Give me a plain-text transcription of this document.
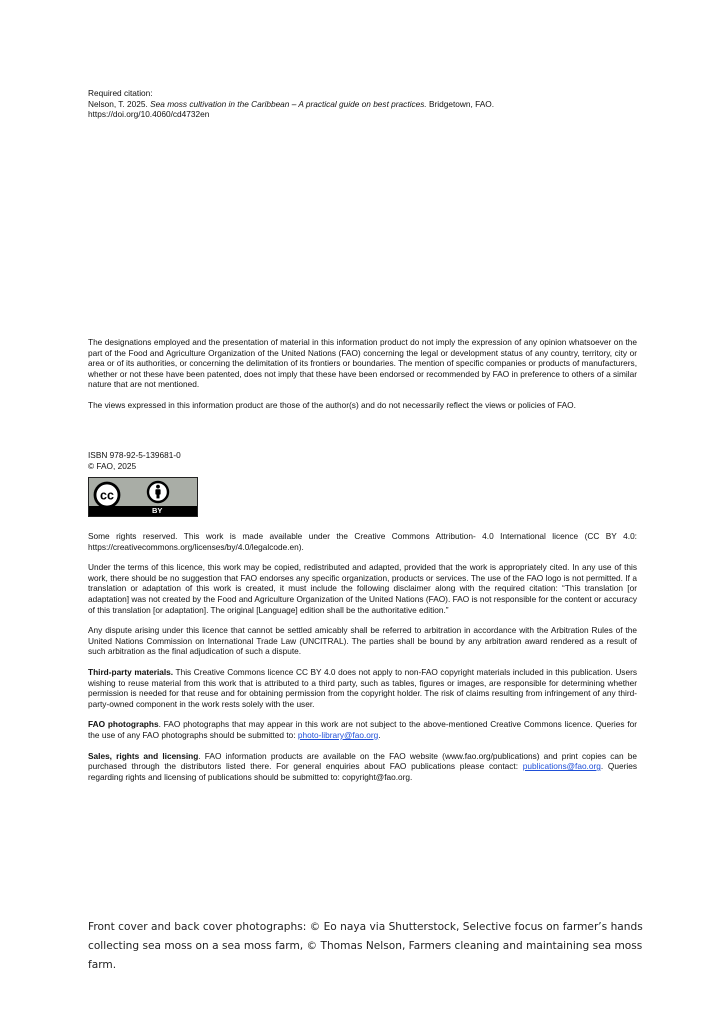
Required citation:

Nelson, T. 2025. Sea moss cultivation in the Caribbean – A practical guide on best practices. Bridgetown, FAO.

https://doi.org/10.4060/cd4732en

The designations employed and the presentation of material in this information product do not imply the expression of any opinion whatsoever on the part of the Food and Agriculture Organization of the United Nations (FAO) concerning the legal or development status of any country, territory, city or area or of its authorities, or concerning the delimitation of its frontiers or boundaries. The mention of specific companies or products of manufacturers, whether or not these have been patented, does not imply that these have been endorsed or recommended by FAO in preference to others of a similar nature that are not mentioned.

The views expressed in this information product are those of the author(s) and do not necessarily reflect the views or policies of FAO.

ISBN 978-92-5-139681-0

© FAO, 2025

cc
BY

Some rights reserved. This work is made available under the Creative Commons Attribution- 4.0 International licence (CC BY 4.0: https://creativecommons.org/licenses/by/4.0/legalcode.en).

Under the terms of this licence, this work may be copied, redistributed and adapted, provided that the work is appropriately cited. In any use of this work, there should be no suggestion that FAO endorses any specific organization, products or services. The use of the FAO logo is not permitted. If a translation or adaptation of this work is created, it must include the following disclaimer along with the required citation: “This translation [or adaptation] was not created by the Food and Agriculture Organization of the United Nations (FAO). FAO is not responsible for the content or accuracy of this translation [or adaptation]. The original [Language] edition shall be the authoritative edition.”

Any dispute arising under this licence that cannot be settled amicably shall be referred to arbitration in accordance with the Arbitration Rules of the United Nations Commission on International Trade Law (UNCITRAL). The parties shall be bound by any arbitration award rendered as a result of such arbitration as the final adjudication of such a dispute.

Third-party materials. This Creative Commons licence CC BY 4.0 does not apply to non-FAO copyright materials included in this publication. Users wishing to reuse material from this work that is attributed to a third party, such as tables, figures or images, are responsible for determining whether permission is needed for that reuse and for obtaining permission from the copyright holder. The risk of claims resulting from infringement of any third-party-owned component in the work rests solely with the user.

FAO photographs. FAO photographs that may appear in this work are not subject to the above-mentioned Creative Commons licence. Queries for the use of any FAO photographs should be submitted to: photo-library@fao.org.

Sales, rights and licensing. FAO information products are available on the FAO website (www.fao.org/publications) and print copies can be purchased through the distributors listed there. For general enquiries about FAO publications please contact: publications@fao.org. Queries regarding rights and licensing of publications should be submitted to: copyright@fao.org.

Front cover and back cover photographs: © Eo naya via Shutterstock, Selective focus on farmer’s hands collecting sea moss on a sea moss farm, © Thomas Nelson, Farmers cleaning and maintaining sea moss farm.
